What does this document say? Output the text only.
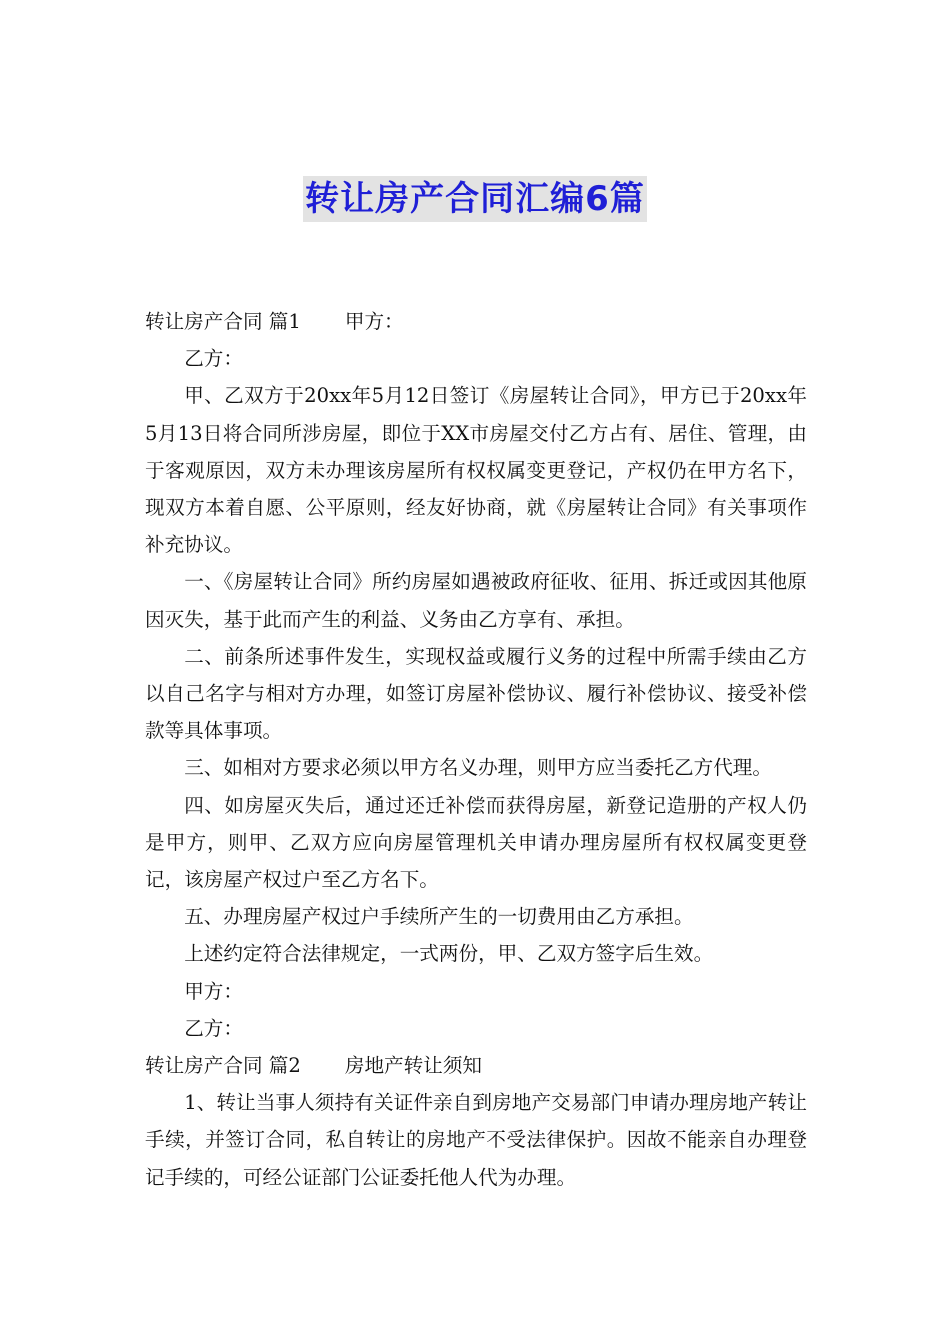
转让房产合同汇编6篇

转让房产合同 篇1 甲方：

乙方：

甲、乙双方于20xx年5月12日签订《房屋转让合同》，甲方已于20xx年5月13日将合同所涉房屋，即位于XX市房屋交付乙方占有、居住、管理，由于客观原因，双方未办理该房屋所有权权属变更登记，产权仍在甲方名下，现双方本着自愿、公平原则，经友好协商，就《房屋转让合同》有关事项作补充协议。

一、《房屋转让合同》所约房屋如遇被政府征收、征用、拆迁或因其他原因灭失，基于此而产生的利益、义务由乙方享有、承担。

二、前条所述事件发生，实现权益或履行义务的过程中所需手续由乙方以自己名字与相对方办理，如签订房屋补偿协议、履行补偿协议、接受补偿款等具体事项。

三、如相对方要求必须以甲方名义办理，则甲方应当委托乙方代理。

四、如房屋灭失后，通过还迁补偿而获得房屋，新登记造册的产权人仍是甲方，则甲、乙双方应向房屋管理机关申请办理房屋所有权权属变更登记，该房屋产权过户至乙方名下。

五、办理房屋产权过户手续所产生的一切费用由乙方承担。

上述约定符合法律规定，一式两份，甲、乙双方签字后生效。

甲方：

乙方：

转让房产合同 篇2 房地产转让须知

1、转让当事人须持有关证件亲自到房地产交易部门申请办理房地产转让手续，并签订合同，私自转让的房地产不受法律保护。因故不能亲自办理登记手续的，可经公证部门公证委托他人代为办理。
